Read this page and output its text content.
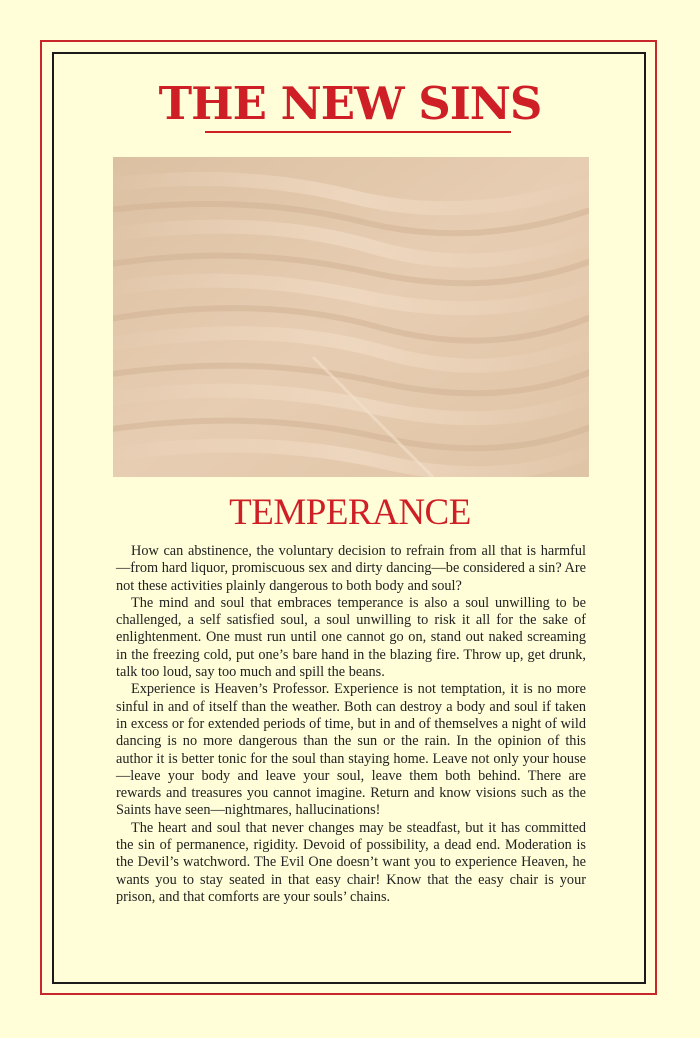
THE NEW SINS
TEMPERANCE

How can abstinence, the voluntary decision to refrain from all that is harmful—from hard liquor, promiscuous sex and dirty dancing—be considered a sin? Are not these activities plainly dangerous to both body and soul?

The mind and soul that embraces temperance is also a soul unwilling to be challenged, a self satisfied soul, a soul unwilling to risk it all for the sake of enlightenment. One must run until one cannot go on, stand out naked screaming in the freezing cold, put one’s bare hand in the blazing fire. Throw up, get drunk, talk too loud, say too much and spill the beans.

Experience is Heaven’s Professor. Experience is not temptation, it is no more sinful in and of itself than the weather. Both can destroy a body and soul if taken in excess or for extended periods of time, but in and of themselves a night of wild dancing is no more dangerous than the sun or the rain. In the opinion of this author it is better tonic for the soul than staying home. Leave not only your house—leave your body and leave your soul, leave them both behind. There are rewards and treasures you cannot imagine. Return and know visions such as the Saints have seen—nightmares, hallucinations!

The heart and soul that never changes may be steadfast, but it has committed the sin of permanence, rigidity. Devoid of possibility, a dead end. Moderation is the Devil’s watchword. The Evil One doesn’t want you to experience Heaven, he wants you to stay seated in that easy chair! Know that the easy chair is your prison, and that comforts are your souls’ chains.
